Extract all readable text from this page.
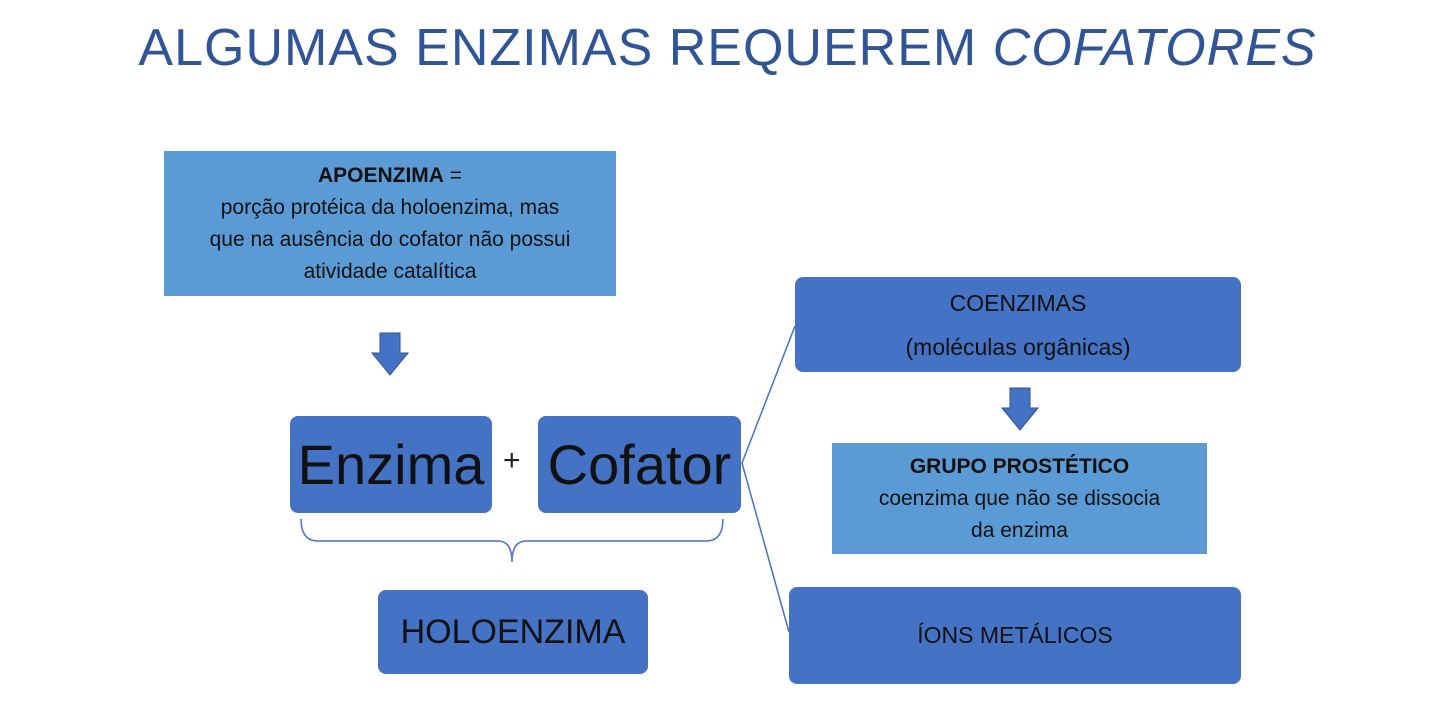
ALGUMAS ENZIMAS REQUEREM COFATORES
APOENZIMA =
porção protéica da holoenzima, mas
que na ausência do cofator não possui
atividade catalítica
Enzima + Cofator
HOLOENZIMA
COENZIMAS
(moléculas orgânicas)
GRUPO PROSTÉTICO
coenzima que não se dissocia
da enzima
ÍONS METÁLICOS
